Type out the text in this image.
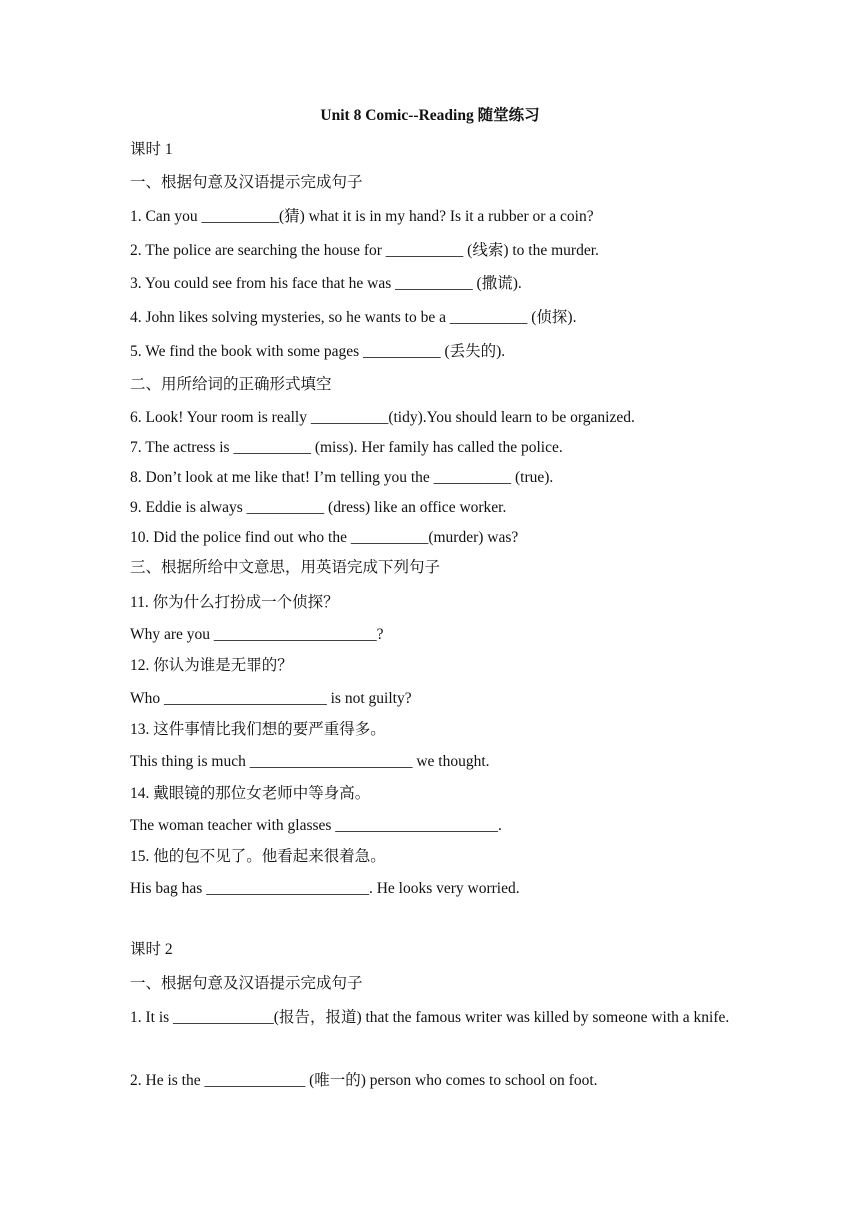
Unit 8 Comic--Reading 随堂练习
课时 1
一、根据句意及汉语提示完成句子
1. Can you __________(猜) what it is in my hand? Is it a rubber or a coin?
2. The police are searching the house for __________ (线索) to the murder.
3. You could see from his face that he was __________ (撒谎).
4. John likes solving mysteries, so he wants to be a __________ (侦探).
5. We find the book with some pages __________ (丢失的).
二、用所给词的正确形式填空
6. Look! Your room is really __________(tidy).You should learn to be organized.
7. The actress is __________ (miss). Her family has called the police.
8. Don’t look at me like that! I’m telling you the __________ (true).
9. Eddie is always __________ (dress) like an office worker.
10. Did the police find out who the __________(murder) was?
三、根据所给中文意思，用英语完成下列句子
11. 你为什么打扮成一个侦探？
Why are you _____________________?
12. 你认为谁是无罪的？
Who _____________________ is not guilty?
13. 这件事情比我们想的要严重得多。
This thing is much _____________________ we thought.
14. 戴眼镜的那位女老师中等身高。
The woman teacher with glasses _____________________.
15. 他的包不见了。他看起来很着急。
His bag has _____________________. He looks very worried.
课时 2
一、根据句意及汉语提示完成句子
1. It is _____________(报告，报道) that the famous writer was killed by someone with a knife.
2. He is the _____________ (唯一的) person who comes to school on foot.
